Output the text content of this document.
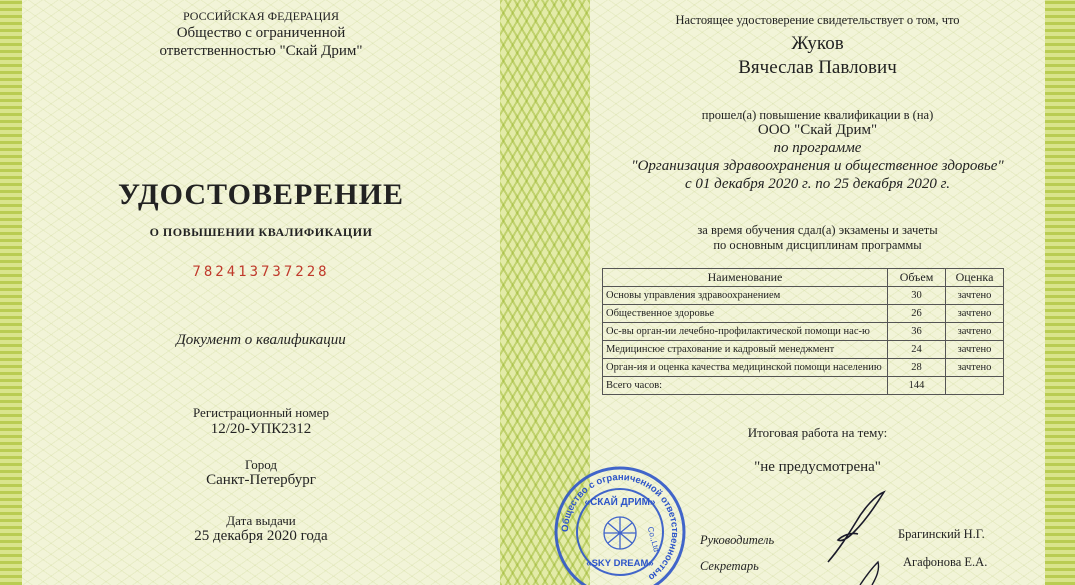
РОССИЙСКАЯ ФЕДЕРАЦИЯ
Общество с ограниченной
ответственностью "Скай Дрим"
УДОСТОВЕРЕНИЕ
О ПОВЫШЕНИИ КВАЛИФИКАЦИИ
782413737228
Документ о квалификации
Регистрационный номер
12/20-УПК2312
Город
Санкт-Петербург
Дата выдачи
25 декабря 2020 года
Настоящее удостоверение свидетельствует о том, что
Жуков
Вячеслав Павлович
прошел(а) повышение квалификации в (на)
ООО "Скай Дрим"
по программе
"Организация здравоохранения и общественное здоровье"
с 01 декабря 2020 г. по 25 декабря 2020 г.
за время обучения сдал(а) экзамены и зачеты
по основным дисциплинам программы
Наименование	Объем	Оценка
Основы управления здравоохранением	30	зачтено
Общественное здоровье	26	зачтено
Ос-вы орган-ии лечебно-профилактической помощи нас-ю	36	зачтено
Медицинсюе страхование и кадровый менеджмент	24	зачтено
Орган-ия и оценка качества медицинской помощи населению	28	зачтено
Всего часов:	144	
Итоговая работа на тему:
"не предусмотрена"
Руководитель	Брагинский Н.Г.
Секретарь	Агафонова Е.А.
Общество с ограниченной ответственностью
«СКАЙ ДРИМ»
Co.,Ltd
«SKY DREAM»
